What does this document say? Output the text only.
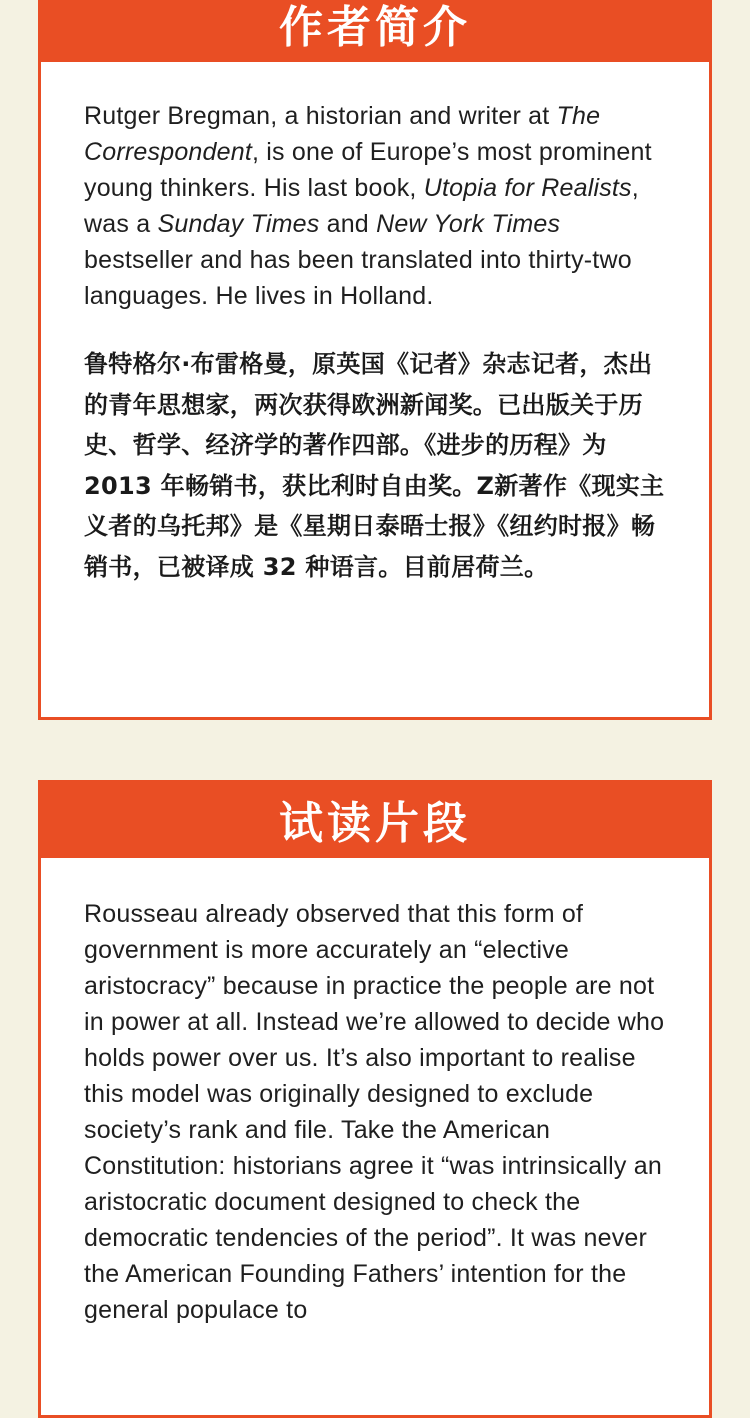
作者简介

Rutger Bregman, a historian and writer at The Correspondent, is one of Europe’s most prominent young thinkers. His last book, Utopia for Realists, was a Sunday Times and New York Times bestseller and has been translated into thirty-two languages. He lives in Holland.

鲁特格尔·布雷格曼，原英国《记者》杂志记者，杰出的青年思想家，两次获得欧洲新闻奖。已出版关于历史、哲学、经济学的著作四部。《进步的历程》为 2013 年畅销书，获比利时自由奖。Z新著作《现实主义者的乌托邦》是《星期日泰晤士报》《纽约时报》畅销书，已被译成 32 种语言。目前居荷兰。

试读片段

Rousseau already observed that this form of government is more accurately an “elective aristocracy” because in practice the people are not in power at all. Instead we’re allowed to decide who holds power over us. It’s also important to realise this model was originally designed to exclude society’s rank and file. Take the American Constitution: historians agree it “was intrinsically an aristocratic document designed to check the democratic tendencies of the period”. It was never the American Founding Fathers’ intention for the general populace to
